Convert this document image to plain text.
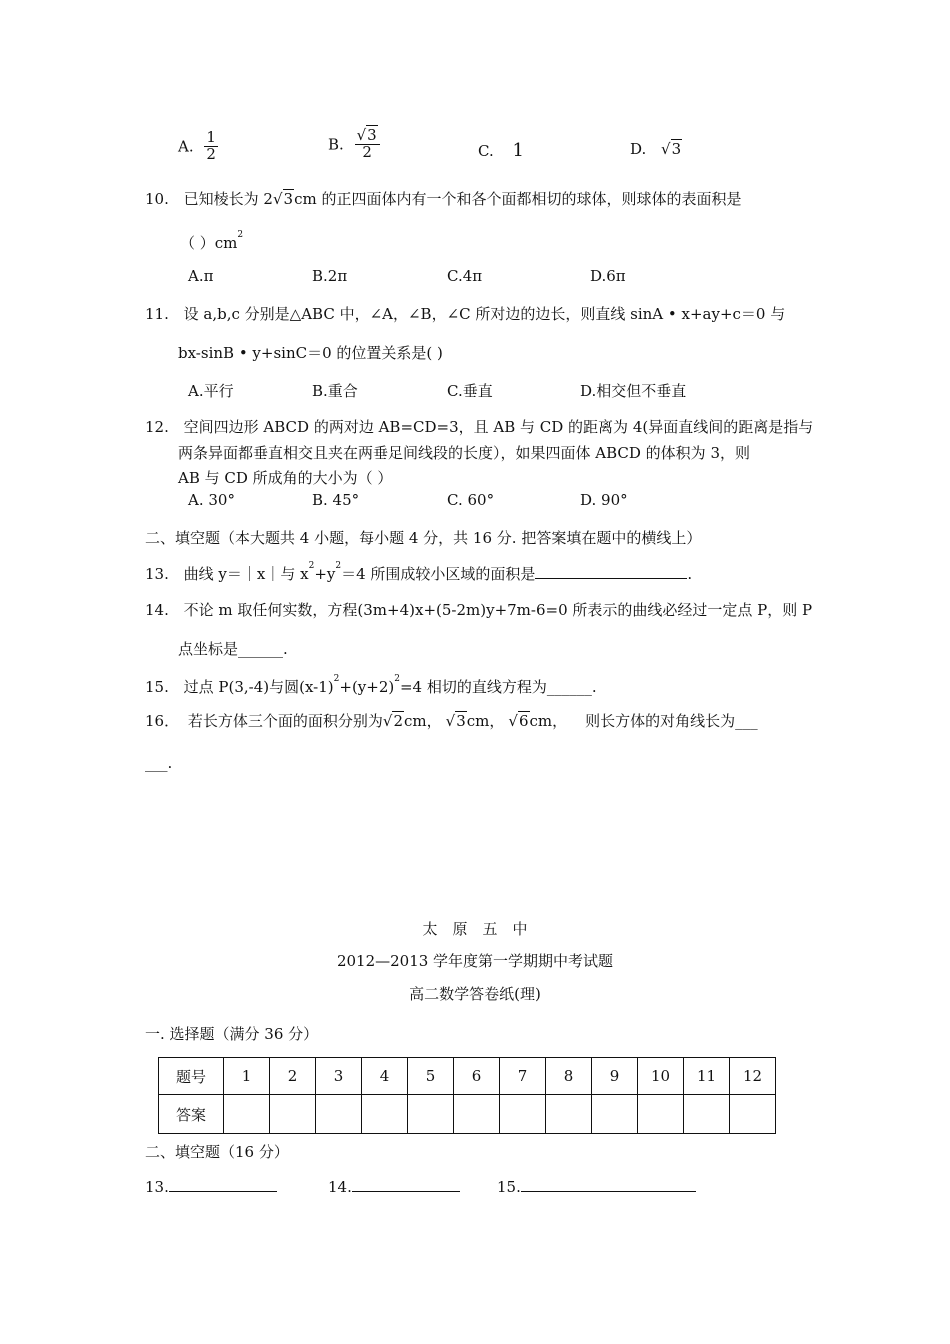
A. $\frac{1}{2}$	B. $\frac{√3}{2}$	C. 1	D. √3
10. 已知棱长为 2√3cm 的正四面体内有一个和各个面都相切的球体，则球体的表面积是
（ ）$cm^2$
A.π	B.2π	C.4π	D.6π
11. 设 a,b,c 分别是△ABC 中，∠A，∠B，∠C 所对边的边长，则直线 sinA • x+ay+c＝0 与
bx-sinB • y+sinC＝0 的位置关系是( )
A.平行	B.重合	C.垂直	D.相交但不垂直
12. 空间四边形 ABCD 的两对边 AB=CD=3，且 AB 与 CD 的距离为 4(异面直线间的距离是指与
两条异面都垂直相交且夹在两垂足间线段的长度），如果四面体 ABCD 的体积为 3，则
AB 与 CD 所成角的大小为（ ）
A. 30°	B. 45°	C. 60°	D. 90°
二、填空题（本大题共 4 小题，每小题 4 分，共 16 分. 把答案填在题中的横线上）
13. 曲线 y＝｜x｜与 $x^2+y^2=4$ 所围成较小区域的面积是	.
14. 不论 m 取任何实数，方程(3m+4)x+(5-2m)y+7m-6=0 所表示的曲线必经过一定点 P，则 P
点坐标是______.
15. 过点 P(3,-4)与圆$(x-1)^2+(y+2)^2=4$ 相切的直线方程为______.
16． 若长方体三个面的面积分别为√2cm， √3cm， √6cm， 则长方体的对角线长为___
___.
太　原　五　中
2012—2013 学年度第一学期期中考试题
高二数学答卷纸(理)
一. 选择题（满分 36 分）
题号	1	2	3	4	5	6	7	8	9	10	11	12
答案												
二、填空题（16 分）
13.	14.	15.
